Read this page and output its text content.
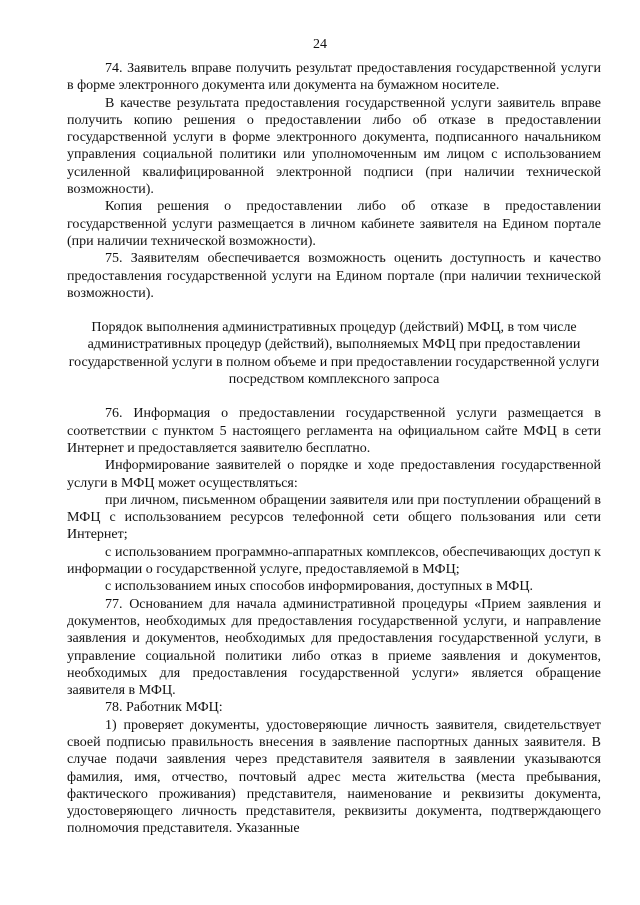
24

74. Заявитель вправе получить результат предоставления государственной услуги в форме электронного документа или документа на бумажном носителе.

В качестве результата предоставления государственной услуги заявитель вправе получить копию решения о предоставлении либо об отказе в предоставлении государственной услуги в форме электронного документа, подписанного начальником управления социальной политики или уполномоченным им лицом с использованием усиленной квалифицированной электронной подписи (при наличии технической возможности).

Копия решения о предоставлении либо об отказе в предоставлении государственной услуги размещается в личном кабинете заявителя на Едином портале (при наличии технической возможности).

75. Заявителям обеспечивается возможность оценить доступность и качество предоставления государственной услуги на Едином портале (при наличии технической возможности).

Порядок выполнения административных процедур (действий) МФЦ, в том числе административных процедур (действий), выполняемых МФЦ при предоставлении государственной услуги в полном объеме и при предоставлении государственной услуги посредством комплексного запроса

76. Информация о предоставлении государственной услуги размещается в соответствии с пунктом 5 настоящего регламента на официальном сайте МФЦ в сети Интернет и предоставляется заявителю бесплатно.

Информирование заявителей о порядке и ходе предоставления государственной услуги в МФЦ может осуществляться:

при личном, письменном обращении заявителя или при поступлении обращений в МФЦ с использованием ресурсов телефонной сети общего пользования или сети Интернет;

с использованием программно-аппаратных комплексов, обеспечивающих доступ к информации о государственной услуге, предоставляемой в МФЦ;

с использованием иных способов информирования, доступных в МФЦ.

77. Основанием для начала административной процедуры «Прием заявления и документов, необходимых для предоставления государственной услуги, и направление заявления и документов, необходимых для предоставления государственной услуги, в управление социальной политики либо отказ в приеме заявления и документов, необходимых для предоставления государственной услуги» является обращение заявителя в МФЦ.

78. Работник МФЦ:

1) проверяет документы, удостоверяющие личность заявителя, свидетельствует своей подписью правильность внесения в заявление паспортных данных заявителя. В случае подачи заявления через представителя заявителя в заявлении указываются фамилия, имя, отчество, почтовый адрес места жительства (места пребывания, фактического проживания) представителя, наименование и реквизиты документа, удостоверяющего личность представителя, реквизиты документа, подтверждающего полномочия представителя. Указанные
